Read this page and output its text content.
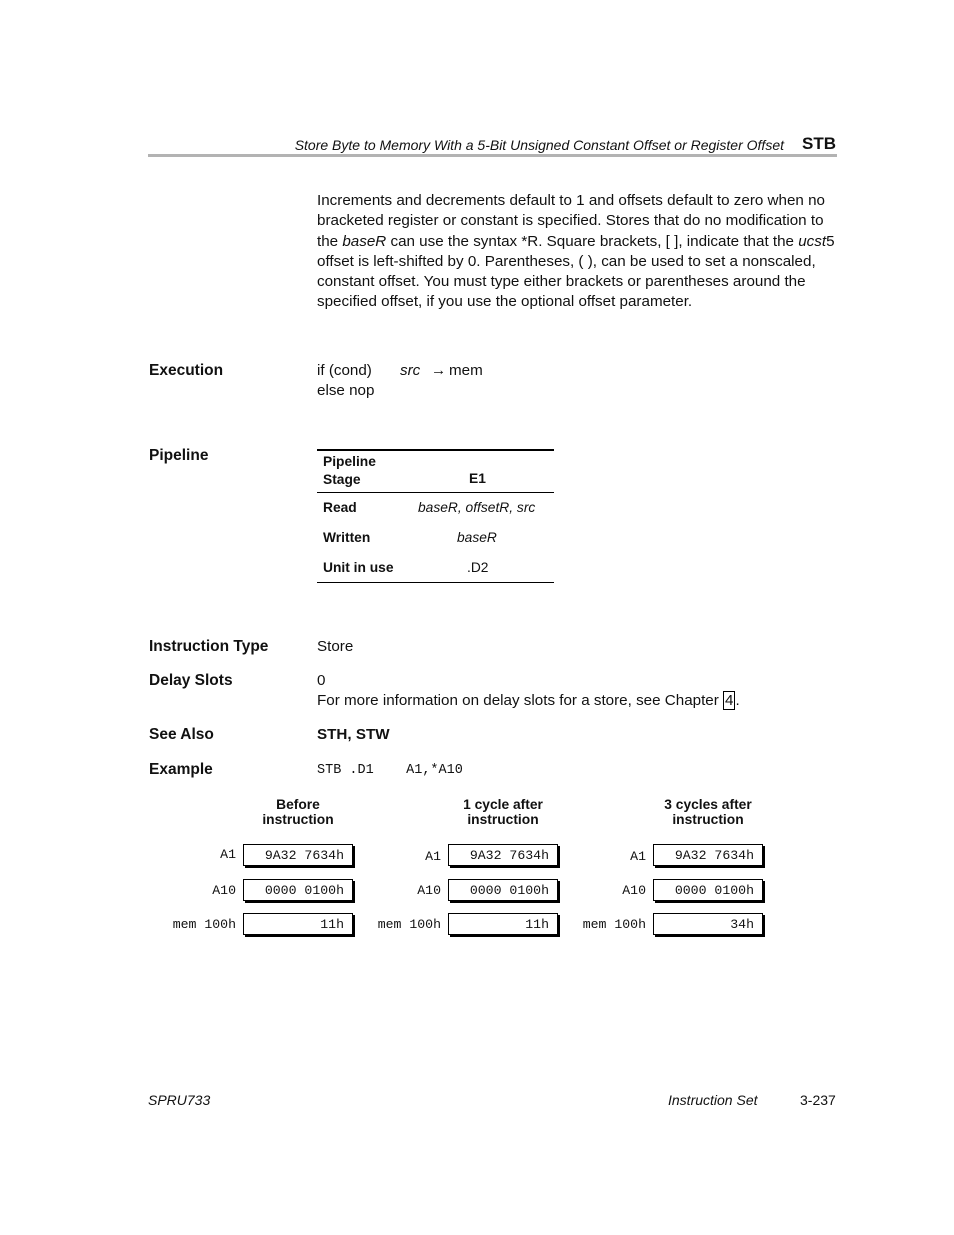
Store Byte to Memory With a 5-Bit Unsigned Constant Offset or Register Offset STB
Increments and decrements default to 1 and offsets default to zero when no
bracketed register or constant is specified. Stores that do no modification to
the baseR can use the syntax *R. Square brackets, [ ], indicate that the ucst5
offset is left-shifted by 0. Parentheses, ( ), can be used to set a nonscaled,
constant offset. You must type either brackets or parentheses around the
specified offset, if you use the optional offset parameter.
Execution	if (cond) src → mem
else nop
Pipeline	Pipeline
Stage	E1
Read	baseR, offsetR, src
Written	baseR
Unit in use	.D2
Instruction Type	Store
Delay Slots	0
For more information on delay slots for a store, see Chapter 4 .
See Also	STH, STW
Example	STB .D1    A1,*A10
Before
instruction
A1	9A32 7634h
A10	0000 0100h
mem 100h	11h
1 cycle after
instruction
A1	9A32 7634h
A10	0000 0100h
mem 100h	11h
3 cycles after
instruction
A1	9A32 7634h
A10	0000 0100h
mem 100h	34h
SPRU733	Instruction Set	3-237
